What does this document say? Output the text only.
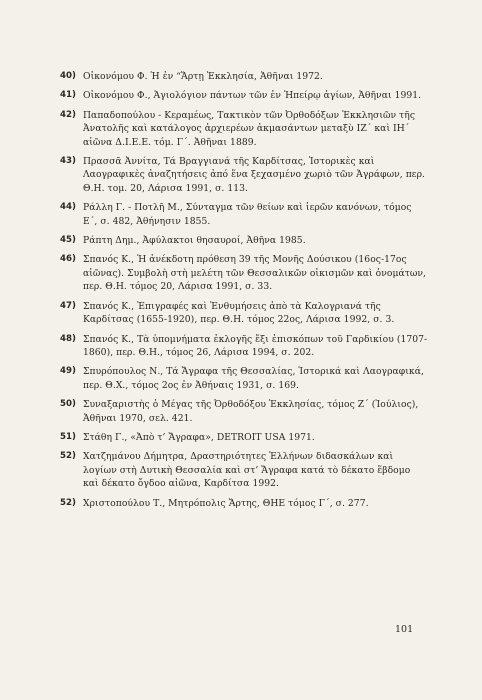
40) Οἰκονόμου Φ. Ἡ ἐν “Ἄρτῃ Ἐκκλησία, Ἀθῆναι 1972.
41) Οἰκονόμου Φ., Ἁγιολόγιον πάντων τῶν ἐν Ἠπείρῳ ἁγίων, Ἀθῆναι 1991.
42) Παπαδοπούλου - Κεραμέως, Τακτικὸν τῶν Ὀρθοδόξων Ἐκκλησιῶν τῆς Ἀνατολῆς καὶ κατάλογος ἀρχιερέων ἀκμασάντων μεταξὺ ΙΖ΄ καὶ ΙΗ΄ αἰῶνα Δ.Ι.Ε.Ε. τόμ. Γ΄. Ἀθῆναι 1889.
43) Πρασσᾶ Ἀννίτα, Τά Βραγγιανά τῆς Καρδίτσας, Ἱστορικὲς καὶ Λαογραφικὲς ἀναζητήσεις ἀπό ἕνα ξεχασμένο χωριὸ τῶν Ἀγράφων, περ. Θ.Η. τομ. 20, Λάρισα 1991, σ. 113.
44) Ράλλη Γ. - Ποτλῆ Μ., Σύνταγμα τῶν θείων καὶ ἱερῶν κανόνων, τόμος Ε΄, σ. 482, Ἀθήνησιν 1855.
45) Ράπτη Δημ., Ἀφύλακτοι θησαυροί, Ἀθῆνα 1985.
46) Σπανός Κ., Ἡ ἀνέκδοτη πρόθεση 39 τῆς Μονῆς Δούσικου (16ος-17ος αἰῶνας). Συμβολὴ στὴ μελέτη τῶν Θεσσαλικῶν οἰκισμῶν καὶ ὀνομάτων, περ. Θ.Η. τόμος 20, Λάρισα 1991, σ. 33.
47) Σπανός Κ., Ἐπιγραφές καὶ Ἐνθυμήσεις ἀπὸ τὰ Καλογριανά τῆς Καρδίτσας (1655-1920), περ. Θ.Η. τόμος 22ος, Λάρισα 1992, σ. 3.
48) Σπανός Κ., Τὰ ὑπομνήματα ἐκλογῆς ἔξι ἐπισκόπων τοῦ Γαρδικίου (1707-1860), περ. Θ.Η., τόμος 26, Λάρισα 1994, σ. 202.
49) Σπυρόπουλος Ν., Τά Ἄγραφα τῆς Θεσσαλίας, Ἱστορικά καὶ Λαογραφικά, περ. Θ.Χ., τόμος 2ος ἐν Ἀθήναις 1931, σ. 169.
50) Συναξαριστὴς ὁ Μέγας τῆς Ὀρθοδόξου Ἐκκλησίας, τόμος Ζ΄ (Ἰούλιος), Ἀθῆναι 1970, σελ. 421.
51) Στάθη Γ., «Ἀπὸ τ’ Ἄγραφα», DETROIT USA 1971.
52) Χατζημάνου Δήμητρα, Δραστηριότητες Ἑλλήνων διδασκάλων καὶ λογίων στὴ Δυτικὴ Θεσσαλία καὶ στ’ Ἄγραφα κατά τὸ δέκατο ἕβδομο καὶ δέκατο ὄγδοο αἰῶνα, Καρδίτσα 1992.
52) Χριστοπούλου Τ., Μητρόπολις Ἄρτης, ΘΗΕ τόμος Γ΄, σ. 277.
101
